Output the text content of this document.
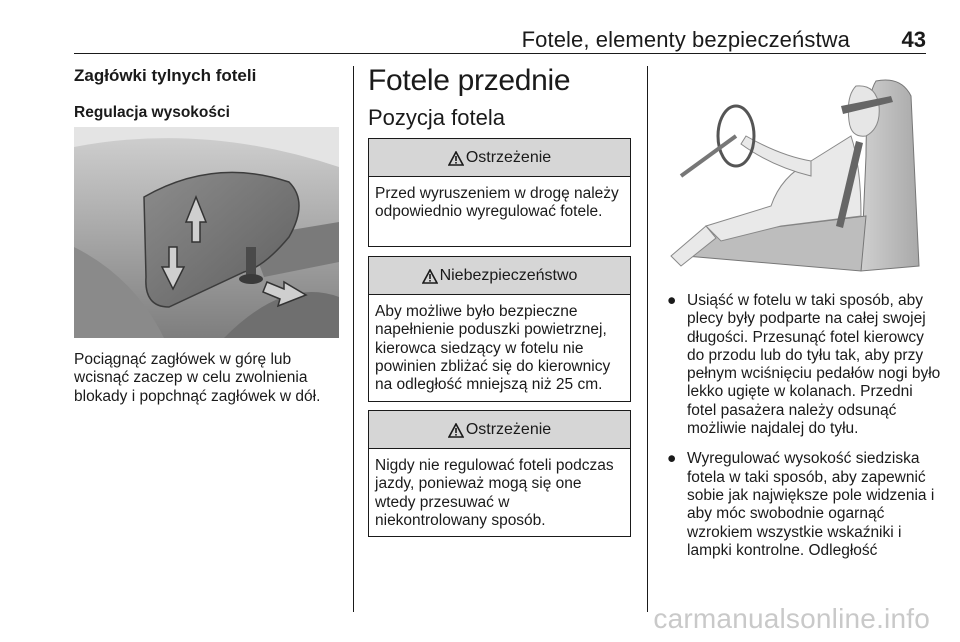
Fotele, elementy bezpieczeństwa 43
Zagłówki tylnych foteli
Regulacja wysokości
Pociągnąć zagłówek w górę lub wcisnąć zaczep w celu zwolnienia blokady i popchnąć zagłówek w dół.
Fotele przednie
Pozycja fotela
Ostrzeżenie
Przed wyruszeniem w drogę należy odpowiednio wyregulować fotele.
Niebezpieczeństwo
Aby możliwe było bezpieczne napełnienie poduszki powietrznej, kierowca siedzący w fotelu nie powinien zbliżać się do kierownicy na odległość mniejszą niż 25 cm.
Ostrzeżenie
Nigdy nie regulować foteli podczas jazdy, ponieważ mogą się one wtedy przesuwać w niekontrolowany sposób.
● Usiąść w fotelu w taki sposób, aby plecy były podparte na całej swojej długości. Przesunąć fotel kierowcy do przodu lub do tyłu tak, aby przy pełnym wciśnięciu pedałów nogi było lekko ugięte w kolanach. Przedni fotel pasażera należy odsunąć możliwie najdalej do tyłu.
● Wyregulować wysokość siedziska fotela w taki sposób, aby zapewnić sobie jak największe pole widzenia i aby móc swobodnie ogarnąć wzrokiem wszystkie wskaźniki i lampki kontrolne. Odległość
carmanualsonline.info
